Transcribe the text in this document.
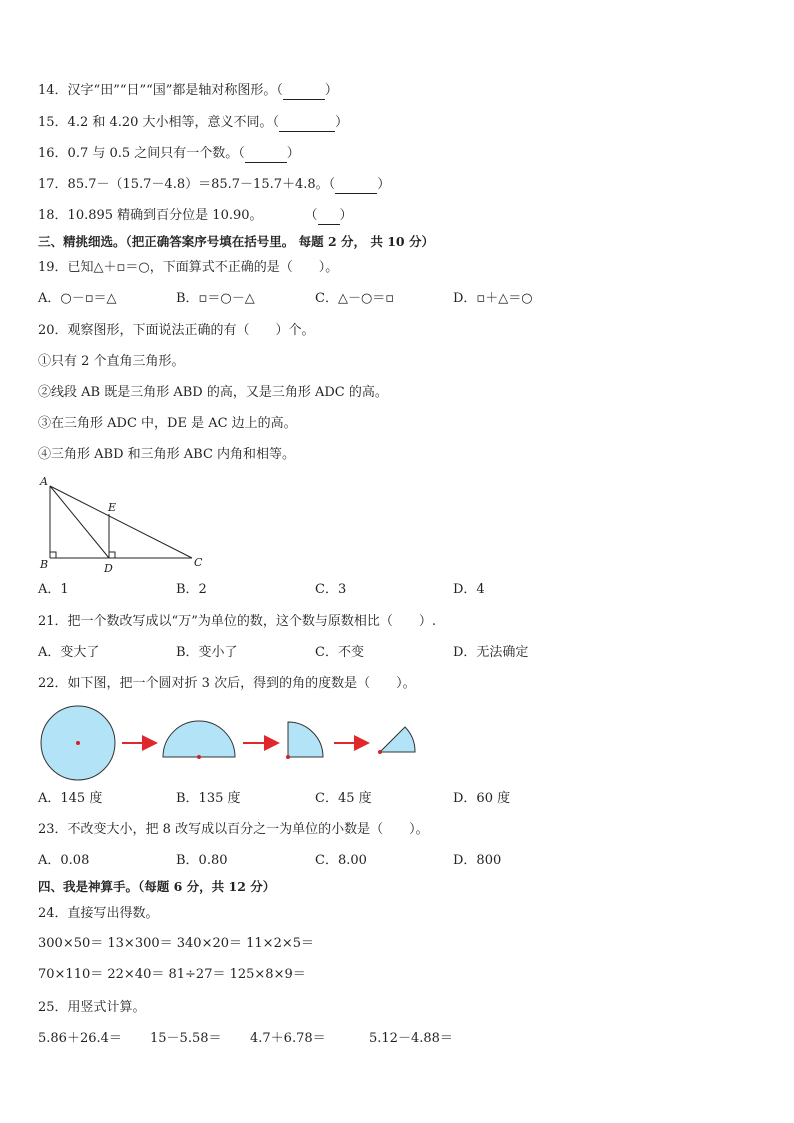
14．汉字“田”“日”“国”都是轴对称图形。（	）
15．4.2 和 4.20 大小相等，意义不同。（	）
16．0.7 与 0.5 之间只有一个数。（	）
17．85.7－（15.7－4.8）＝85.7－15.7＋4.8。（	）
18．10.895 精确到百分位是 10.90。	（ ）
三、精挑细选。（把正确答案序号填在括号里。 每题 2 分， 共 10 分）
19．已知△＋▫＝○，下面算式不正确的是（　　）。
A．○－▫＝△	B．▫＝○－△	C．△－○＝▫	D．▫＋△＝○
20．观察图形，下面说法正确的有（　　）个。
①只有 2 个直角三角形。
②线段 AB 既是三角形 ABD 的高，又是三角形 ADC 的高。
③在三角形 ADC 中，DE 是 AC 边上的高。
④三角形 ABD 和三角形 ABC 内角和相等。
A
B	C
D
E
A．1	B．2	C．3	D．4
21．把一个数改写成以“万”为单位的数，这个数与原数相比（　　）.
A．变大了	B．变小了	C．不变	D．无法确定
22．如下图，把一个圆对折 3 次后，得到的角的度数是（　　）。
A．145 度	B．135 度	C．45 度	D．60 度
23．不改变大小，把 8 改写成以百分之一为单位的小数是（　　）。
A．0.08	B．0.80	C．8.00	D．800
四、我是神算手。（每题 6 分，共 12 分）
24．直接写出得数。
300×50＝ 13×300＝ 340×20＝ 11×2×5＝
70×110＝ 22×40＝ 81÷27＝ 125×8×9＝
25．用竖式计算。
5.86＋26.4＝ 15－5.58＝ 4.7＋6.78＝	5.12－4.88＝
